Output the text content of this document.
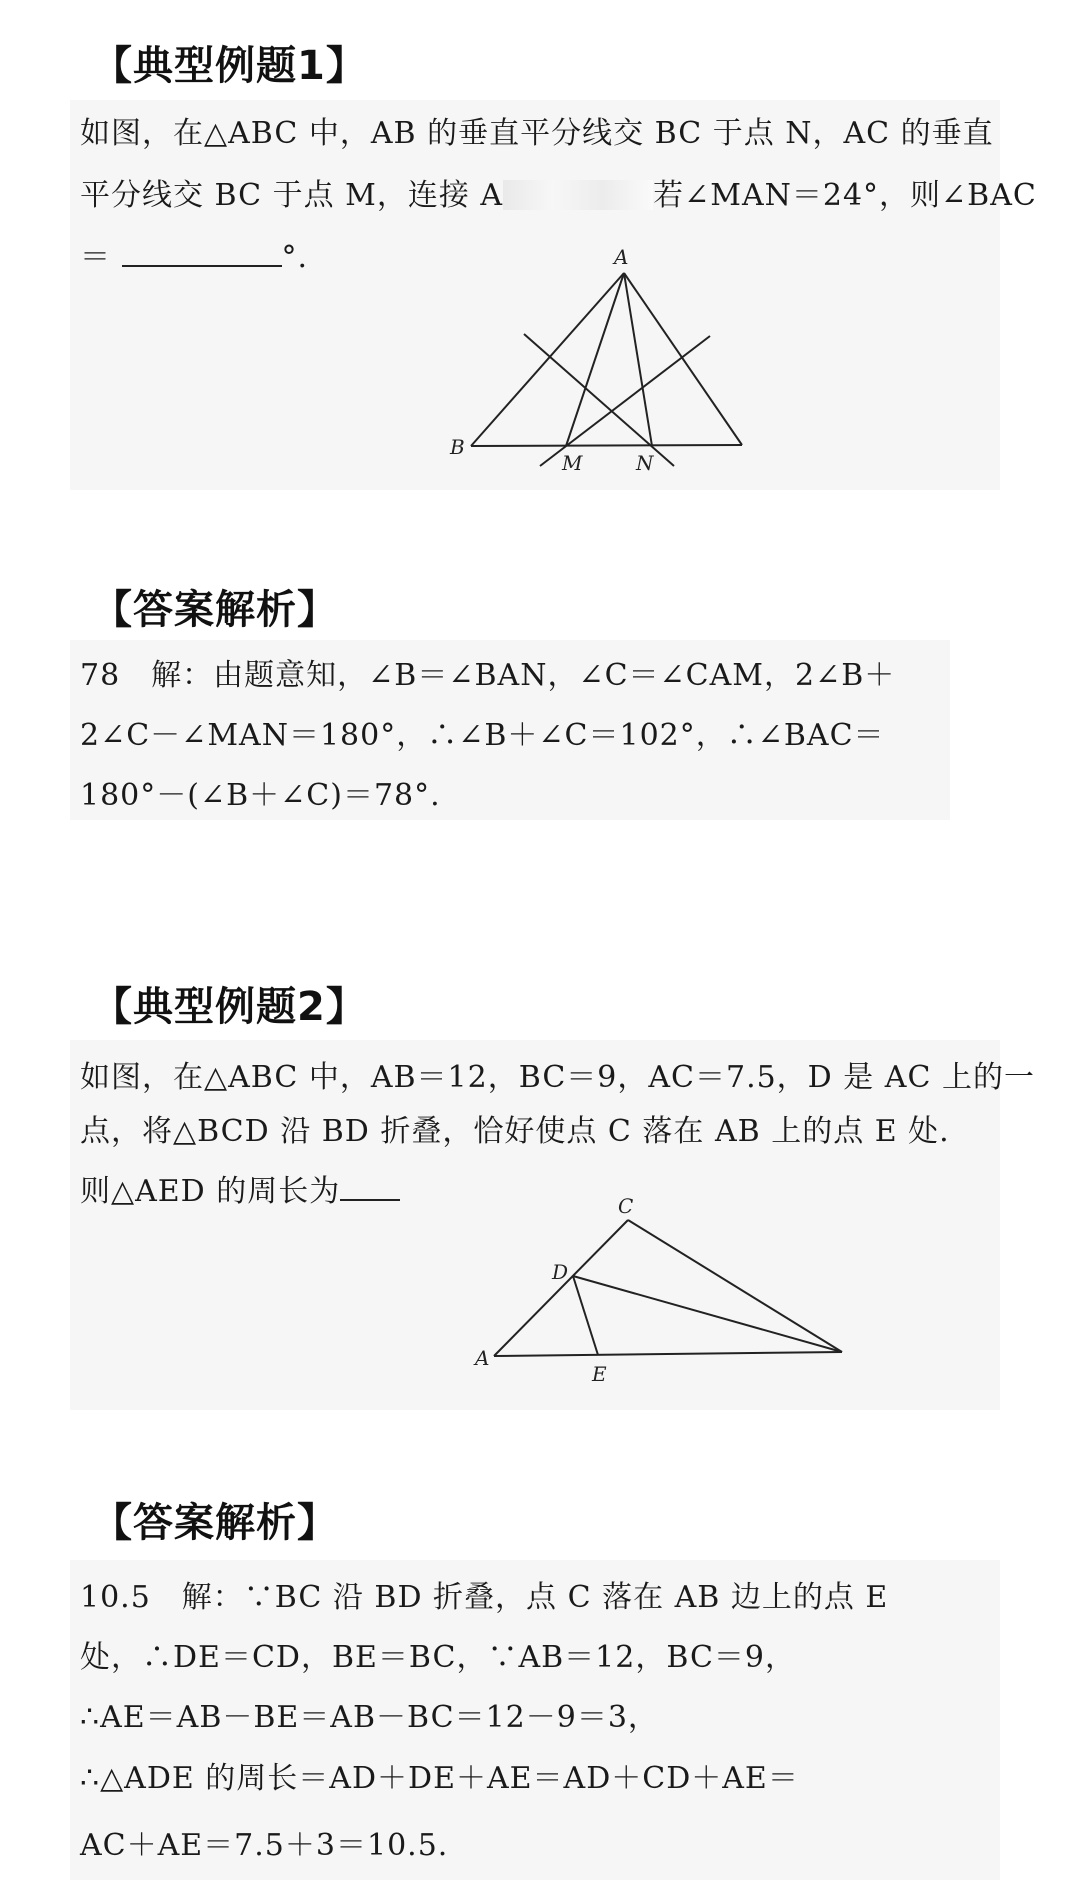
【典型例题1】
如图，在△ABC 中，AB 的垂直平分线交 BC 于点 N，AC 的垂直
平分线交 BC 于点 M，连接 A	若∠MAN＝24°，则∠BAC
＝	°.	A
B
M	N
【答案解析】
78　解：由题意知，∠B＝∠BAN，∠C＝∠CAM，2∠B＋
2∠C－∠MAN＝180°，∴∠B＋∠C＝102°，∴∠BAC＝
180°－(∠B＋∠C)＝78°.
【典型例题2】
如图，在△ABC 中，AB＝12，BC＝9，AC＝7.5，D 是 AC 上的一
点，将△BCD 沿 BD 折叠，恰好使点 C 落在 AB 上的点 E 处.
则△AED 的周长为	C
D
A
E
【答案解析】
10.5　解：∵BC 沿 BD 折叠，点 C 落在 AB 边上的点 E
处，∴DE＝CD，BE＝BC，∵AB＝12，BC＝9，
∴AE＝AB－BE＝AB－BC＝12－9＝3，
∴△ADE 的周长＝AD＋DE＋AE＝AD＋CD＋AE＝
AC＋AE＝7.5＋3＝10.5.
